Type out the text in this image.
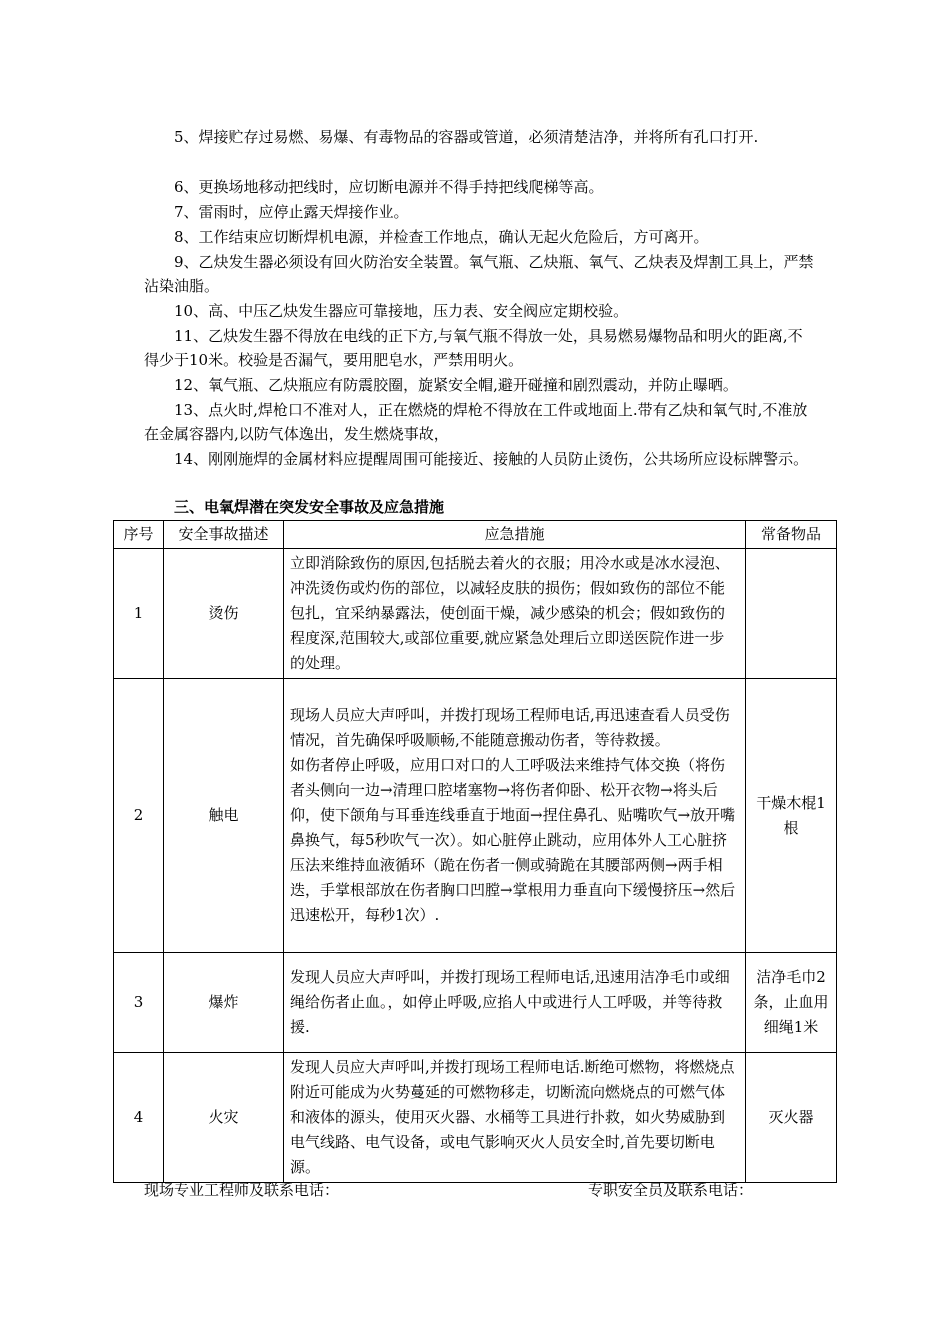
5、焊接贮存过易燃、易爆、有毒物品的容器或管道，必须清楚洁净，并将所有孔口打开.

6、更换场地移动把线时，应切断电源并不得手持把线爬梯等高。

7、雷雨时，应停止露天焊接作业。

8、工作结束应切断焊机电源，并检查工作地点，确认无起火危险后，方可离开。

9、乙炔发生器必须设有回火防治安全装置。氧气瓶、乙炔瓶、氧气、乙炔表及焊割工具上，严禁沾染油脂。

10、高、中压乙炔发生器应可靠接地，压力表、安全阀应定期校验。

11、乙炔发生器不得放在电线的正下方,与氧气瓶不得放一处，具易燃易爆物品和明火的距离,不得少于10米。校验是否漏气，要用肥皂水，严禁用明火。

12、氧气瓶、乙炔瓶应有防震胶圈，旋紧安全帽,避开碰撞和剧烈震动，并防止曝晒。

13、点火时,焊枪口不准对人，正在燃烧的焊枪不得放在工件或地面上.带有乙炔和氧气时,不准放在金属容器内,以防气体逸出，发生燃烧事故，

14、刚刚施焊的金属材料应提醒周围可能接近、接触的人员防止烫伤，公共场所应设标牌警示。

三、电氧焊潜在突发安全事故及应急措施

序号	安全事故描述	应急措施	常备物品
1	烫伤	立即消除致伤的原因,包括脱去着火的衣服；用冷水或是冰水浸泡、冲洗烫伤或灼伤的部位，以减轻皮肤的损伤；假如致伤的部位不能包扎，宜采纳暴露法，使创面干燥，减少感染的机会；假如致伤的程度深,范围较大,或部位重要,就应紧急处理后立即送医院作进一步的处理。	

2	触电	现场人员应大声呼叫，并拨打现场工程师电话,再迅速查看人员受伤情况，首先确保呼吸顺畅,不能随意搬动伤者，等待救援。
如伤者停止呼吸，应用口对口的人工呼吸法来维持气体交换（将伤者头侧向一边→清理口腔堵塞物→将伤者仰卧、松开衣物→将头后仰，使下颌角与耳垂连线垂直于地面→捏住鼻孔、贴嘴吹气→放开嘴鼻换气，每5秒吹气一次）。如心脏停止跳动，应用体外人工心脏挤压法来维持血液循环（跪在伤者一侧或骑跪在其腰部两侧→两手相迭，手掌根部放在伤者胸口凹膛→掌根用力垂直向下缓慢挤压→然后迅速松开，每秒1次）.	干燥木棍1根
3	爆炸	发现人员应大声呼叫，并拨打现场工程师电话,迅速用洁净毛巾或细绳给伤者止血。，如停止呼吸,应掐人中或进行人工呼吸，并等待救援.	洁净毛巾2条，止血用细绳1米
4	火灾	发现人员应大声呼叫,并拨打现场工程师电话.断绝可燃物，将燃烧点附近可能成为火势蔓延的可燃物移走，切断流向燃烧点的可燃气体和液体的源头，使用灭火器、水桶等工具进行扑救，如火势威胁到电气线路、电气设备，或电气影响灭火人员安全时,首先要切断电源。	灭火器

现场专业工程师及联系电话：	专职安全员及联系电话：
